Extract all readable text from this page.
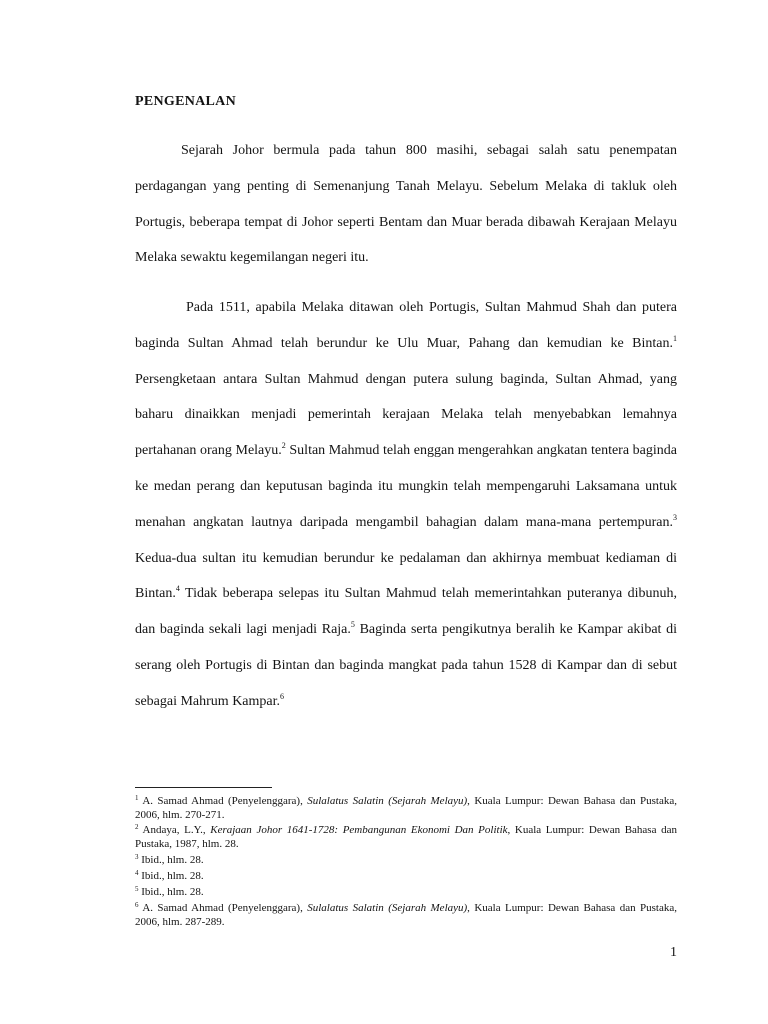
PENGENALAN

Sejarah Johor bermula pada tahun 800 masihi, sebagai salah satu penempatan perdagangan yang penting di Semenanjung Tanah Melayu. Sebelum Melaka di takluk oleh Portugis, beberapa tempat di Johor seperti Bentam dan Muar berada dibawah Kerajaan Melayu Melaka sewaktu kegemilangan negeri itu.

Pada 1511, apabila Melaka ditawan oleh Portugis, Sultan Mahmud Shah dan putera baginda Sultan Ahmad telah berundur ke Ulu Muar, Pahang dan kemudian ke Bintan.$^1$ Persengketaan antara Sultan Mahmud dengan putera sulung baginda, Sultan Ahmad, yang baharu dinaikkan menjadi pemerintah kerajaan Melaka telah menyebabkan lemahnya pertahanan orang Melayu.$^2$ Sultan Mahmud telah enggan mengerahkan angkatan tentera baginda ke medan perang dan keputusan baginda itu mungkin telah mempengaruhi Laksamana untuk menahan angkatan lautnya daripada mengambil bahagian dalam mana-mana pertempuran.$^3$ Kedua-dua sultan itu kemudian berundur ke pedalaman dan akhirnya membuat kediaman di Bintan.$^4$ Tidak beberapa selepas itu Sultan Mahmud telah memerintahkan puteranya dibunuh, dan baginda sekali lagi menjadi Raja.$^5$ Baginda serta pengikutnya beralih ke Kampar akibat di serang oleh Portugis di Bintan dan baginda mangkat pada tahun 1528 di Kampar dan di sebut sebagai Mahrum Kampar.$^6$

$^1$ A. Samad Ahmad (Penyelenggara), Sulalatus Salatin (Sejarah Melayu), Kuala Lumpur: Dewan Bahasa dan Pustaka, 2006, hlm. 270-271.

$^2$ Andaya, L.Y., Kerajaan Johor 1641-1728: Pembangunan Ekonomi Dan Politik, Kuala Lumpur: Dewan Bahasa dan Pustaka, 1987, hlm. 28.

$^3$ Ibid., hlm. 28.

$^4$ Ibid., hlm. 28.

$^5$ Ibid., hlm. 28.

$^6$ A. Samad Ahmad (Penyelenggara), Sulalatus Salatin (Sejarah Melayu), Kuala Lumpur: Dewan Bahasa dan Pustaka, 2006, hlm. 287-289.

1
